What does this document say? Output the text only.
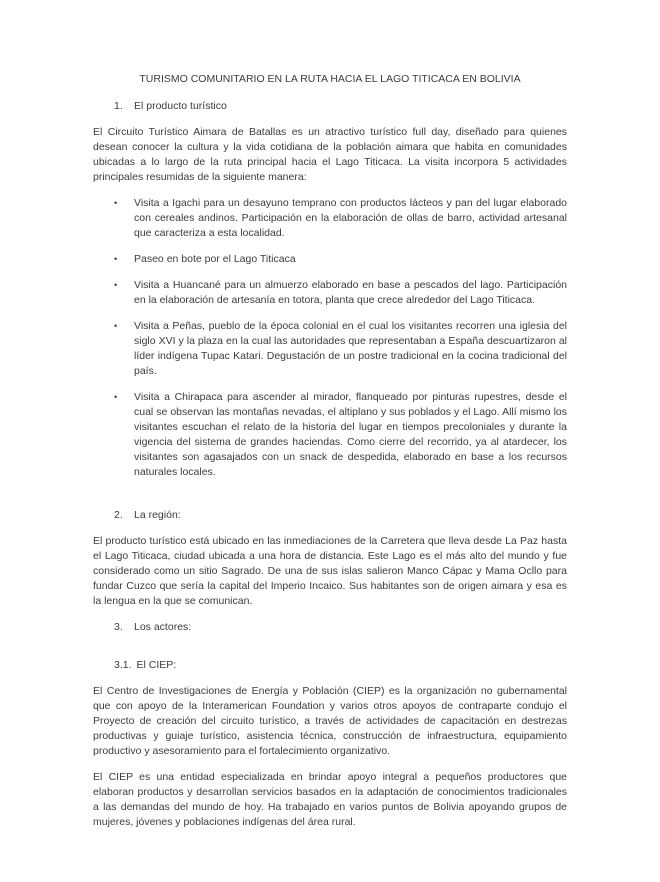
TURISMO COMUNITARIO EN LA RUTA HACIA EL LAGO TITICACA EN BOLIVIA
1.	El producto turístico

El Circuito Turístico Aimara de Batallas es un atractivo turístico full day, diseñado para quienes desean conocer la cultura y la vida cotidiana de la población aimara que habita en comunidades ubicadas a lo largo de la ruta principal hacia el Lago Titicaca. La visita incorpora 5 actividades principales resumidas de la siguiente manera:

•	Visita a Igachi para un desayuno temprano con productos lácteos y pan del lugar elaborado con cereales andinos. Participación en la elaboración de ollas de barro, actividad artesanal que caracteriza a esta localidad.
•	Paseo en bote por el Lago Titicaca
•	Visita a Huancané para un almuerzo elaborado en base a pescados del lago. Participación en la elaboración de artesanía en totora, planta que crece alrededor del Lago Titicaca.
•	Visita a Peñas, pueblo de la época colonial en el cual los visitantes recorren una iglesia del siglo XVI y la plaza en la cual las autoridades que representaban a España descuartizaron al líder indígena Tupac Katari. Degustación de un postre tradicional en la cocina tradicional del país.
•	Visita a Chirapaca para ascender al mirador, flanqueado por pinturas rupestres, desde el cual se observan las montañas nevadas, el altiplano y sus poblados y el Lago. Allí mismo los visitantes escuchan el relato de la historia del lugar en tiempos precoloniales y durante la vigencia del sistema de grandes haciendas. Como cierre del recorrido, ya al atardecer, los visitantes son agasajados con un snack de despedida, elaborado en base a los recursos naturales locales.
2.	La región:

El producto turístico está ubicado en las inmediaciones de la Carretera que lleva desde La Paz hasta el Lago Titicaca, ciudad ubicada a una hora de distancia. Este Lago es el más alto del mundo y fue considerado como un sitio Sagrado. De una de sus islas salieron Manco Cápac y Mama Ocllo para fundar Cuzco que sería la capital del Imperio Incaico. Sus habitantes son de origen aimara y esa es la lengua en la que se comunican.

3.	Los actores:
3.1. El CIEP:

El Centro de Investigaciones de Energía y Población (CIEP) es la organización no gubernamental que con apoyo de la Interamerican Foundation y varios otros apoyos de contraparte condujo el Proyecto de creación del circuito turístico, a través de actividades de capacitación en destrezas productivas y guiaje turístico, asistencia técnica, construcción de infraestructura, equipamiento productivo y asesoramiento para el fortalecimiento organizativo.

El CIEP es una entidad especializada en brindar apoyo integral a pequeños productores que elaboran productos y desarrollan servicios basados en la adaptación de conocimientos tradicionales a las demandas del mundo de hoy. Ha trabajado en varios puntos de Bolivia apoyando grupos de mujeres, jóvenes y poblaciones indígenas del área rural.
